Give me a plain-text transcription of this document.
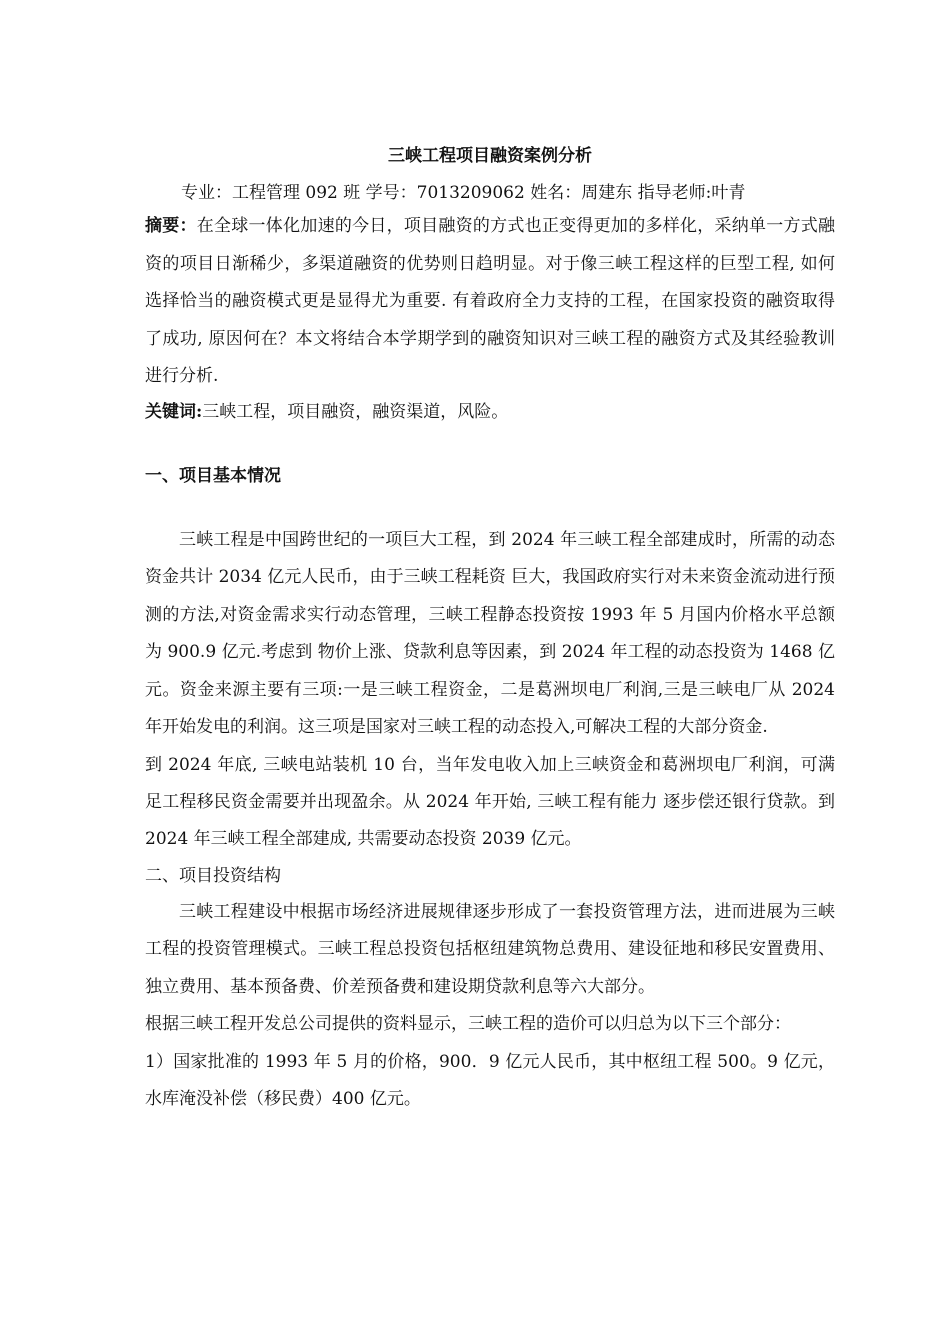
三峡工程项目融资案例分析
专业：工程管理 092 班 学号：7013209062 姓名：周建东 指导老师:叶青

摘要：在全球一体化加速的今日，项目融资的方式也正变得更加的多样化，采纳单一方式融资的项目日渐稀少，多渠道融资的优势则日趋明显。对于像三峡工程这样的巨型工程, 如何选择恰当的融资模式更是显得尤为重要. 有着政府全力支持的工程，在国家投资的融资取得了成功, 原因何在？本文将结合本学期学到的融资知识对三峡工程的融资方式及其经验教训进行分析.

关键词:三峡工程，项目融资，融资渠道，风险。

一、项目基本情况

三峡工程是中国跨世纪的一项巨大工程，到 2024 年三峡工程全部建成时，所需的动态资金共计 2034 亿元人民币，由于三峡工程耗资 巨大，我国政府实行对未来资金流动进行预测的方法,对资金需求实行动态管理，三峡工程静态投资按 1993 年 5 月国内价格水平总额为 900.9 亿元.考虑到 物价上涨、贷款利息等因素，到 2024 年工程的动态投资为 1468 亿元。资金来源主要有三项:一是三峡工程资金，二是葛洲坝电厂利润,三是三峡电厂从 2024 年开始发电的利润。这三项是国家对三峡工程的动态投入,可解决工程的大部分资金.

到 2024 年底, 三峡电站装机 10 台，当年发电收入加上三峡资金和葛洲坝电厂利润，可满足工程移民资金需要并出现盈余。从 2024 年开始, 三峡工程有能力 逐步偿还银行贷款。到 2024 年三峡工程全部建成, 共需要动态投资 2039 亿元。

二、项目投资结构

三峡工程建设中根据市场经济进展规律逐步形成了一套投资管理方法，进而进展为三峡工程的投资管理模式。三峡工程总投资包括枢纽建筑物总费用、建设征地和移民安置费用、独立费用、基本预备费、价差预备费和建设期贷款利息等六大部分。

根据三峡工程开发总公司提供的资料显示，三峡工程的造价可以归总为以下三个部分：

1）国家批准的 1993 年 5 月的价格，900．9 亿元人民币，其中枢纽工程 500。9 亿元，水库淹没补偿（移民费）400 亿元。
